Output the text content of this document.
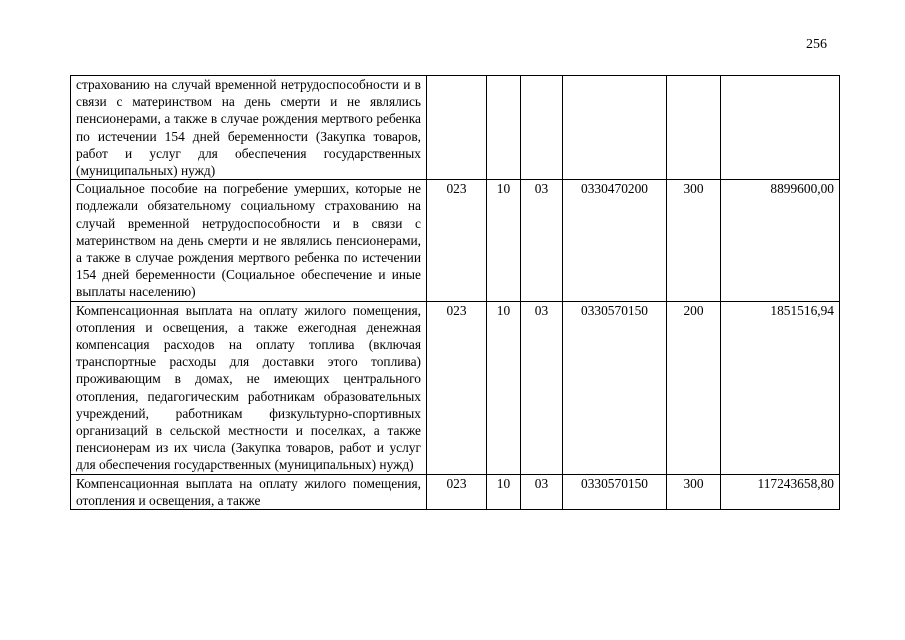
256
страхованию на случай временной нетрудоспособности и в связи с материнством на день смерти и не являлись пенсионерами, а также в случае рождения мертвого ребенка по истечении 154 дней беременности (Закупка товаров, работ и услуг для обеспечения государственных (муниципальных) нужд)						
Социальное пособие на погребение умерших, которые не подлежали обязательному социальному страхованию на случай временной нетрудоспособности и в связи с материнством на день смерти и не являлись пенсионерами, а также в случае рождения мертвого ребенка по истечении 154 дней беременности (Социальное обеспечение и иные выплаты населению)	023	10	03	0330470200	300	8899600,00
Компенсационная выплата на оплату жилого помещения, отопления и освещения, а также ежегодная денежная компенсация расходов на оплату топлива (включая транспортные расходы для доставки этого топлива) проживающим в домах, не имеющих центрального отопления, педагогическим работникам образовательных учреждений, работникам физкультурно-спортивных организаций в сельской местности и поселках, а также пенсионерам из их числа (Закупка товаров, работ и услуг для обеспечения государственных (муниципальных) нужд)	023	10	03	0330570150	200	1851516,94
Компенсационная выплата на оплату жилого помещения, отопления и освещения, а также	023	10	03	0330570150	300	117243658,80
